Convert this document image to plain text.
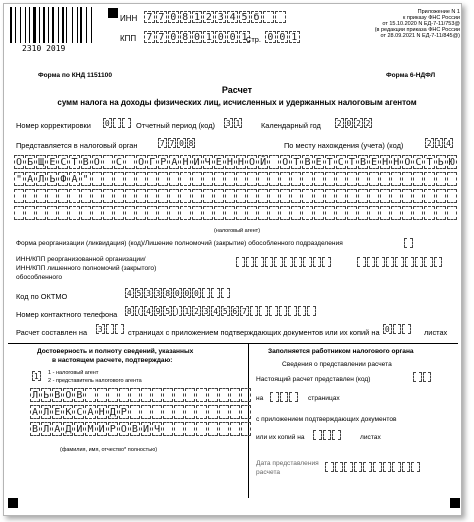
2310 2019
ИНН 7 7 0 8 1 2 3 4 5 б
КПП 7 7 0 8 0 1 0 0 1
Стр. 0 0 1
Приложение N 1
к приказу ФНС России
от 15.10.2020 N ЕД-7-11/753@
(в редакции приказа ФНС России
от 28.09.2021 N ЕД-7-11/845@)
Форма по КНД 1151100	Форма 6-НДФЛ
Расчет
сумм налога на доходы физических лиц, исчисленных и удержанных налоговым агентом
Номер корректировки 0	Отчетный период (код) 3 1	Календарный год 2 0 2 2
Представляется в налоговый орган	7 7 0 8	По месту нахождения (учета) (код)	2 1 4
О Б Щ Е С Т В О С О Г Р А Н И Ч Е Н Н О Й О Т В Е Т С Т В Е Н Н О С Т Ь Ю
" А Л Ь Ф А "
(налоговый агент)
Форма реорганизации (ликвидация) (код)/Лишение полномочий (закрытие) обособленного подразделения
ИНН/КПП реорганизованной организации/
ИНН/КПП лишенного полномочий (закрытого)
обособленного
Код по ОКТМО	4 5 3 3 8 0 0 0
Номер контактного телефона	8 ( 4 9 5 ) 1 2 3 4 5 6 7
Расчет составлен на	3	страницах с приложением подтверждающих документов или их копий на 0	листах
Достоверность и полноту сведений, указанных
в настоящем расчете, подтверждаю:
1	1 - налоговый агент
2 - представитель налогового агента
Л Ь В О В
А Л Е К С А Н Д Р
В Л А Д И М И Р О В И Ч
(фамилия, имя, отчество* полностью)
Заполняется работником налогового органа
Сведения о представлении расчета
Настоящий расчет представлен (код)
на	страницах
с приложением подтверждающих документов
или их копий на	листах
Дата представления
расчета
